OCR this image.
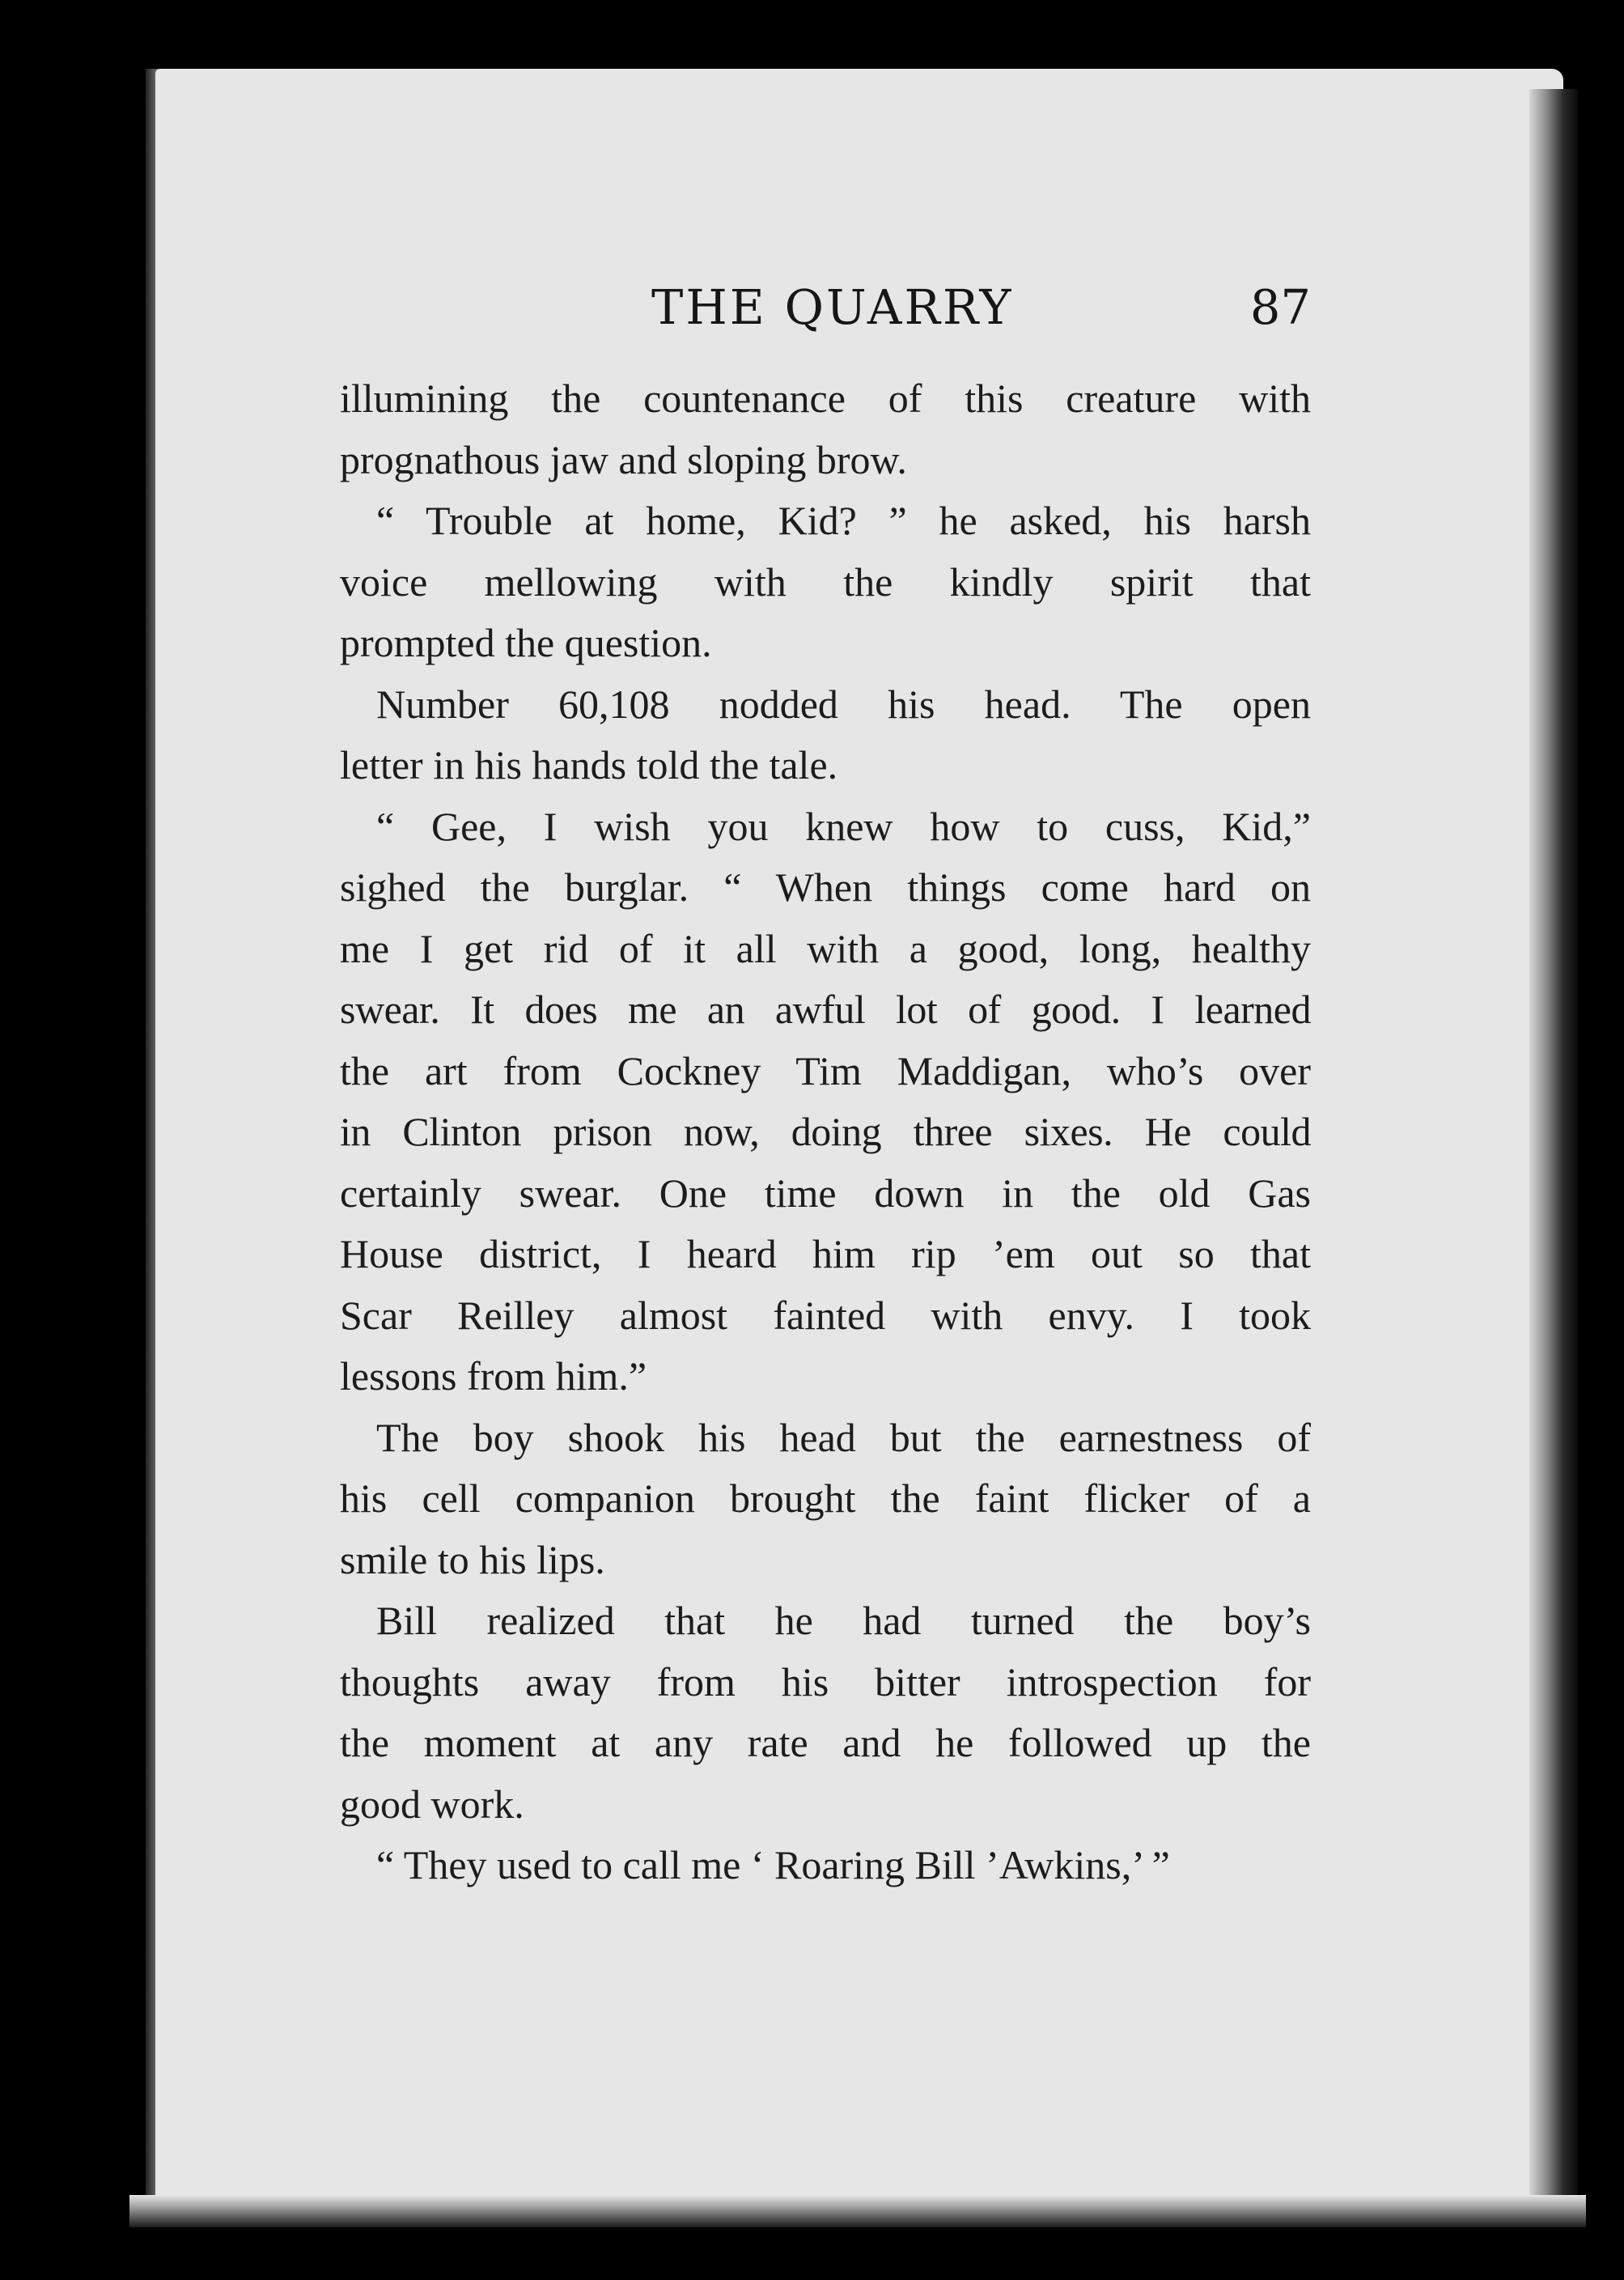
THE QUARRY	87
illumining the countenance of this creature with
prognathous jaw and sloping brow.
“ Trouble at home, Kid? ” he asked, his harsh
voice mellowing with the kindly spirit that
prompted the question.
Number 60,108 nodded his head. The open
letter in his hands told the tale.
“ Gee, I wish you knew how to cuss, Kid,”
sighed the burglar. “ When things come hard on
me I get rid of it all with a good, long, healthy
swear. It does me an awful lot of good. I learned
the art from Cockney Tim Maddigan, who’s over
in Clinton prison now, doing three sixes. He could
certainly swear. One time down in the old Gas
House district, I heard him rip ’em out so that
Scar Reilley almost fainted with envy. I took
lessons from him.”
The boy shook his head but the earnestness of
his cell companion brought the faint flicker of a
smile to his lips.
Bill realized that he had turned the boy’s
thoughts away from his bitter introspection for
the moment at any rate and he followed up the
good work.
“ They used to call me ‘ Roaring Bill ’Awkins,’ ”
